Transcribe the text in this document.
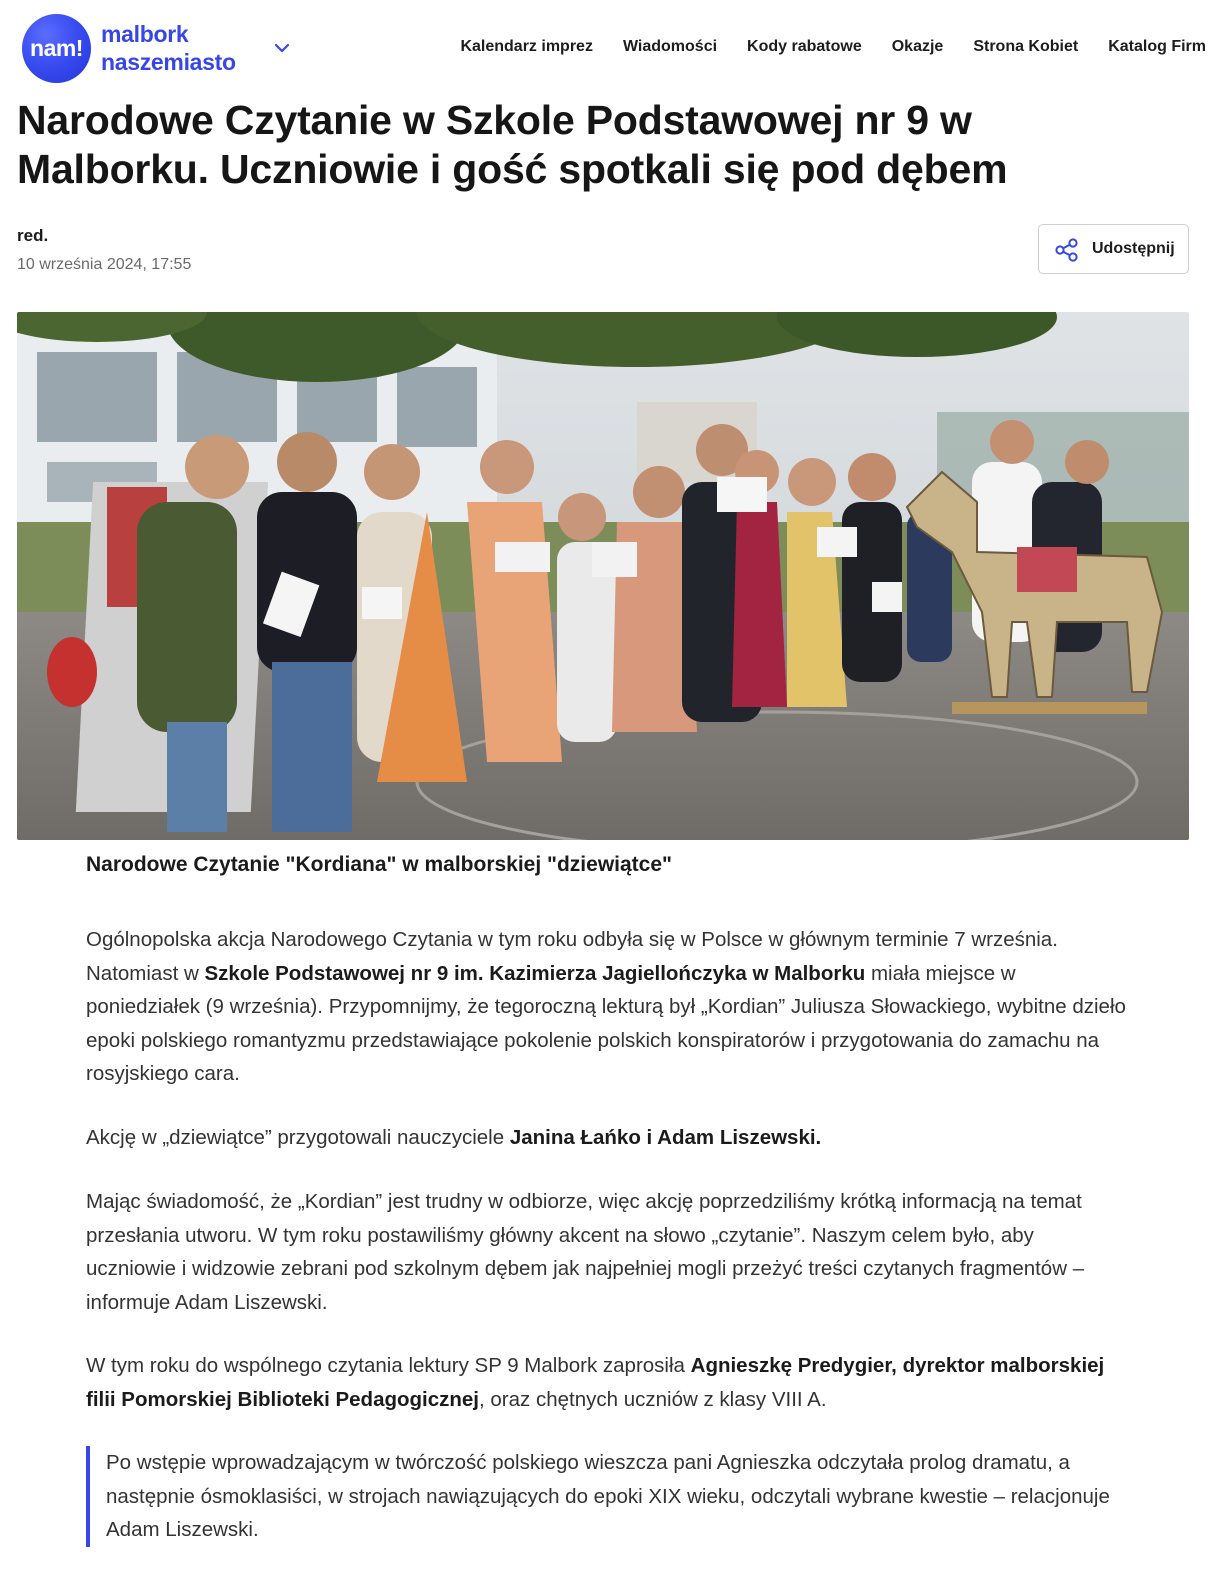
nam!
malbork
naszemiasto
Kalendarz imprez Wiadomości Kody rabatowe Okazje Strona Kobiet Katalog Firm
Narodowe Czytanie w Szkole Podstawowej nr 9 w Malborku. Uczniowie i gość spotkali się pod dębem
red.
10 września 2024, 17:55
Udostępnij
Narodowe Czytanie "Kordiana" w malborskiej "dziewiątce"

Ogólnopolska akcja Narodowego Czytania w tym roku odbyła się w Polsce w głównym terminie 7 września. Natomiast w Szkole Podstawowej nr 9 im. Kazimierza Jagiellończyka w Malborku miała miejsce w poniedziałek (9 września). Przypomnijmy, że tegoroczną lekturą był „Kordian” Juliusza Słowackiego, wybitne dzieło epoki polskiego romantyzmu przedstawiające pokolenie polskich konspiratorów i przygotowania do zamachu na rosyjskiego cara.

Akcję w „dziewiątce” przygotowali nauczyciele Janina Łańko i Adam Liszewski.

Mając świadomość, że „Kordian” jest trudny w odbiorze, więc akcję poprzedziliśmy krótką informacją na temat przesłania utworu. W tym roku postawiliśmy główny akcent na słowo „czytanie”. Naszym celem było, aby uczniowie i widzowie zebrani pod szkolnym dębem jak najpełniej mogli przeżyć treści czytanych fragmentów – informuje Adam Liszewski.

W tym roku do wspólnego czytania lektury SP 9 Malbork zaprosiła Agnieszkę Predygier, dyrektor malborskiej filii Pomorskiej Biblioteki Pedagogicznej, oraz chętnych uczniów z klasy VIII A.

Po wstępie wprowadzającym w twórczość polskiego wieszcza pani Agnieszka odczytała prolog dramatu, a następnie ósmoklasiści, w strojach nawiązujących do epoki XIX wieku, odczytali wybrane kwestie – relacjonuje Adam Liszewski.
